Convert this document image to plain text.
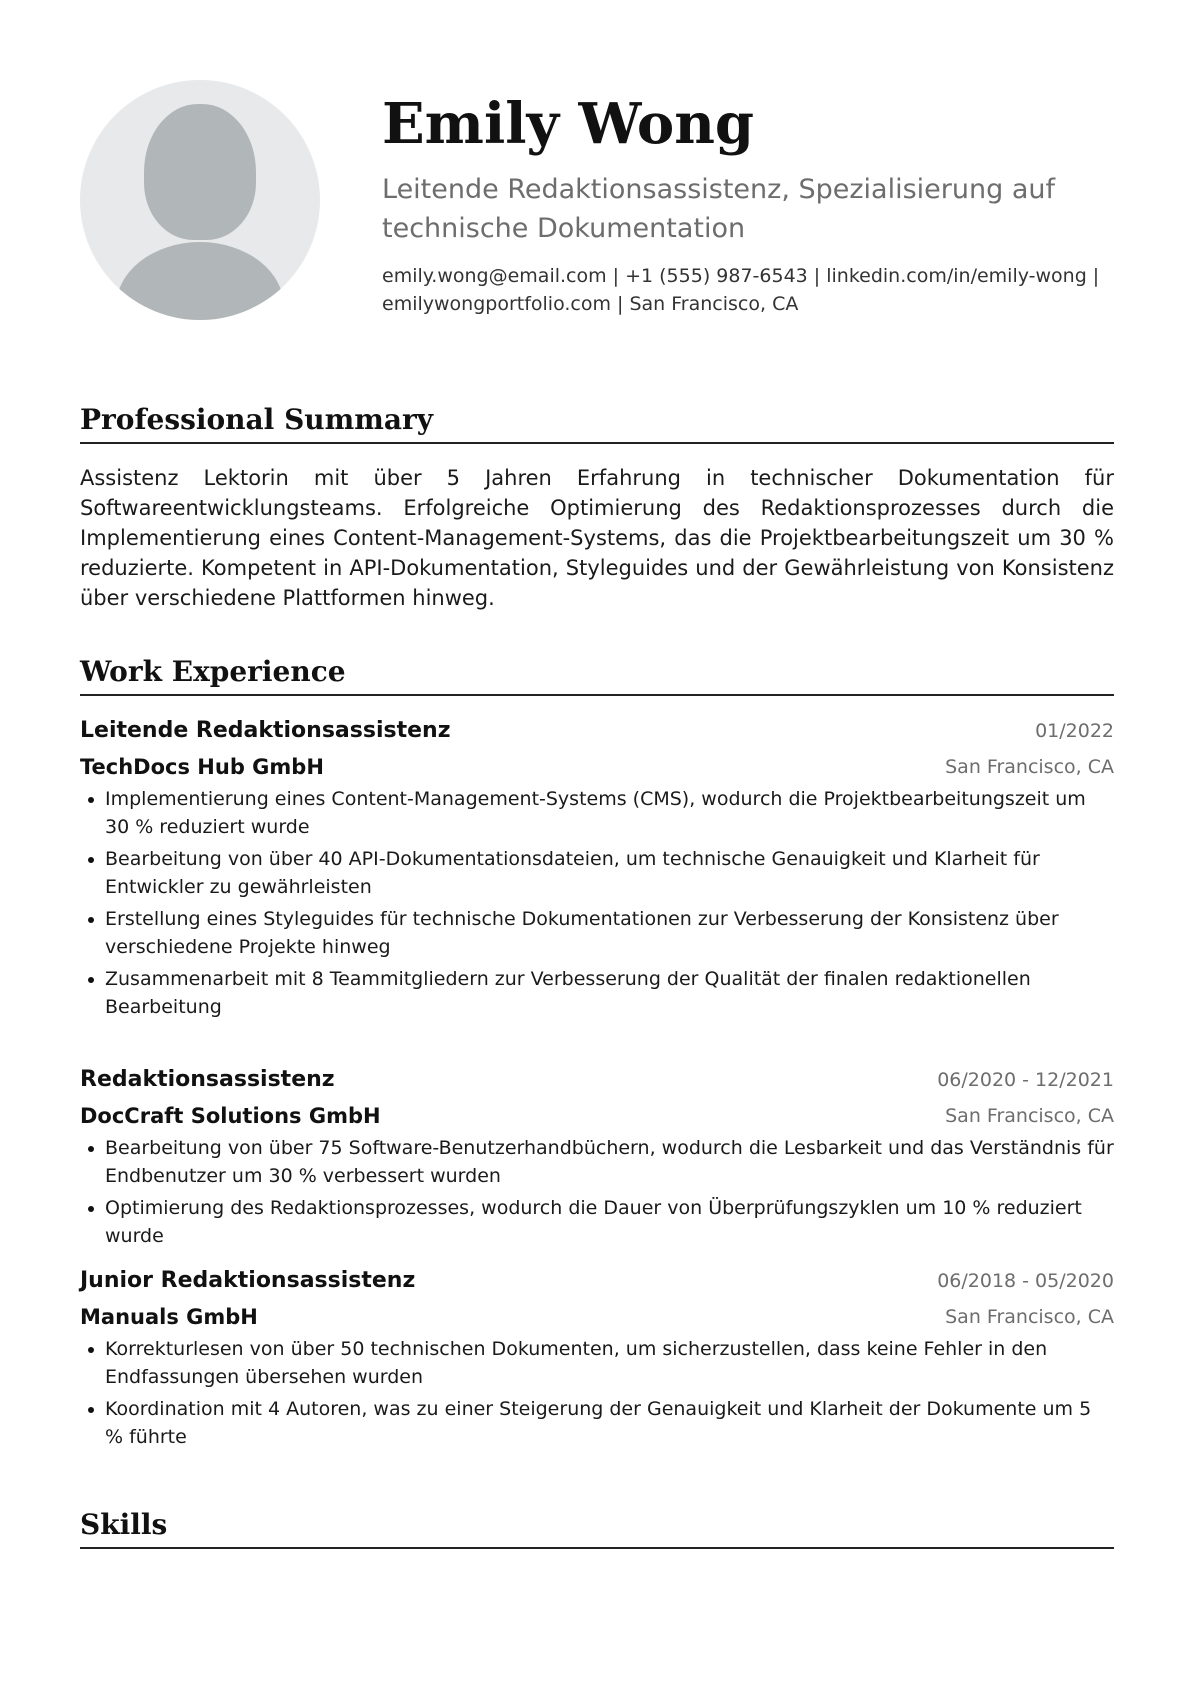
Emily Wong

Leitende Redaktionsassistenz, Spezialisierung auf technische Dokumentation

emily.wong@email.com | +1 (555) 987-6543 | linkedin.com/in/emily-wong | emilywongportfolio.com | San Francisco, CA
Professional Summary

Assistenz Lektorin mit über 5 Jahren Erfahrung in technischer Dokumentation für Softwareentwicklungsteams. Erfolgreiche Optimierung des Redaktionsprozesses durch die Implementierung eines Content-Management-Systems, das die Projektbearbeitungszeit um 30 % reduzierte. Kompetent in API-Dokumentation, Styleguides und der Gewährleistung von Konsistenz über verschiedene Plattformen hinweg.

Work Experience
Leitende Redaktionsassistenz	01/2022
TechDocs Hub GmbH	San Francisco, CA
Implementierung eines Content-Management-Systems (CMS), wodurch die Projektbearbeitungszeit um 30 % reduziert wurde
Bearbeitung von über 40 API-Dokumentationsdateien, um technische Genauigkeit und Klarheit für Entwickler zu gewährleisten
Erstellung eines Styleguides für technische Dokumentationen zur Verbesserung der Konsistenz über verschiedene Projekte hinweg
Zusammenarbeit mit 8 Teammitgliedern zur Verbesserung der Qualität der finalen redaktionellen Bearbeitung
Redaktionsassistenz	06/2020 - 12/2021
DocCraft Solutions GmbH	San Francisco, CA
Bearbeitung von über 75 Software-Benutzerhandbüchern, wodurch die Lesbarkeit und das Verständnis für Endbenutzer um 30 % verbessert wurden
Optimierung des Redaktionsprozesses, wodurch die Dauer von Überprüfungszyklen um 10 % reduziert wurde
Junior Redaktionsassistenz	06/2018 - 05/2020
Manuals GmbH	San Francisco, CA
Korrekturlesen von über 50 technischen Dokumenten, um sicherzustellen, dass keine Fehler in den Endfassungen übersehen wurden
Koordination mit 4 Autoren, was zu einer Steigerung der Genauigkeit und Klarheit der Dokumente um 5 % führte
Skills
